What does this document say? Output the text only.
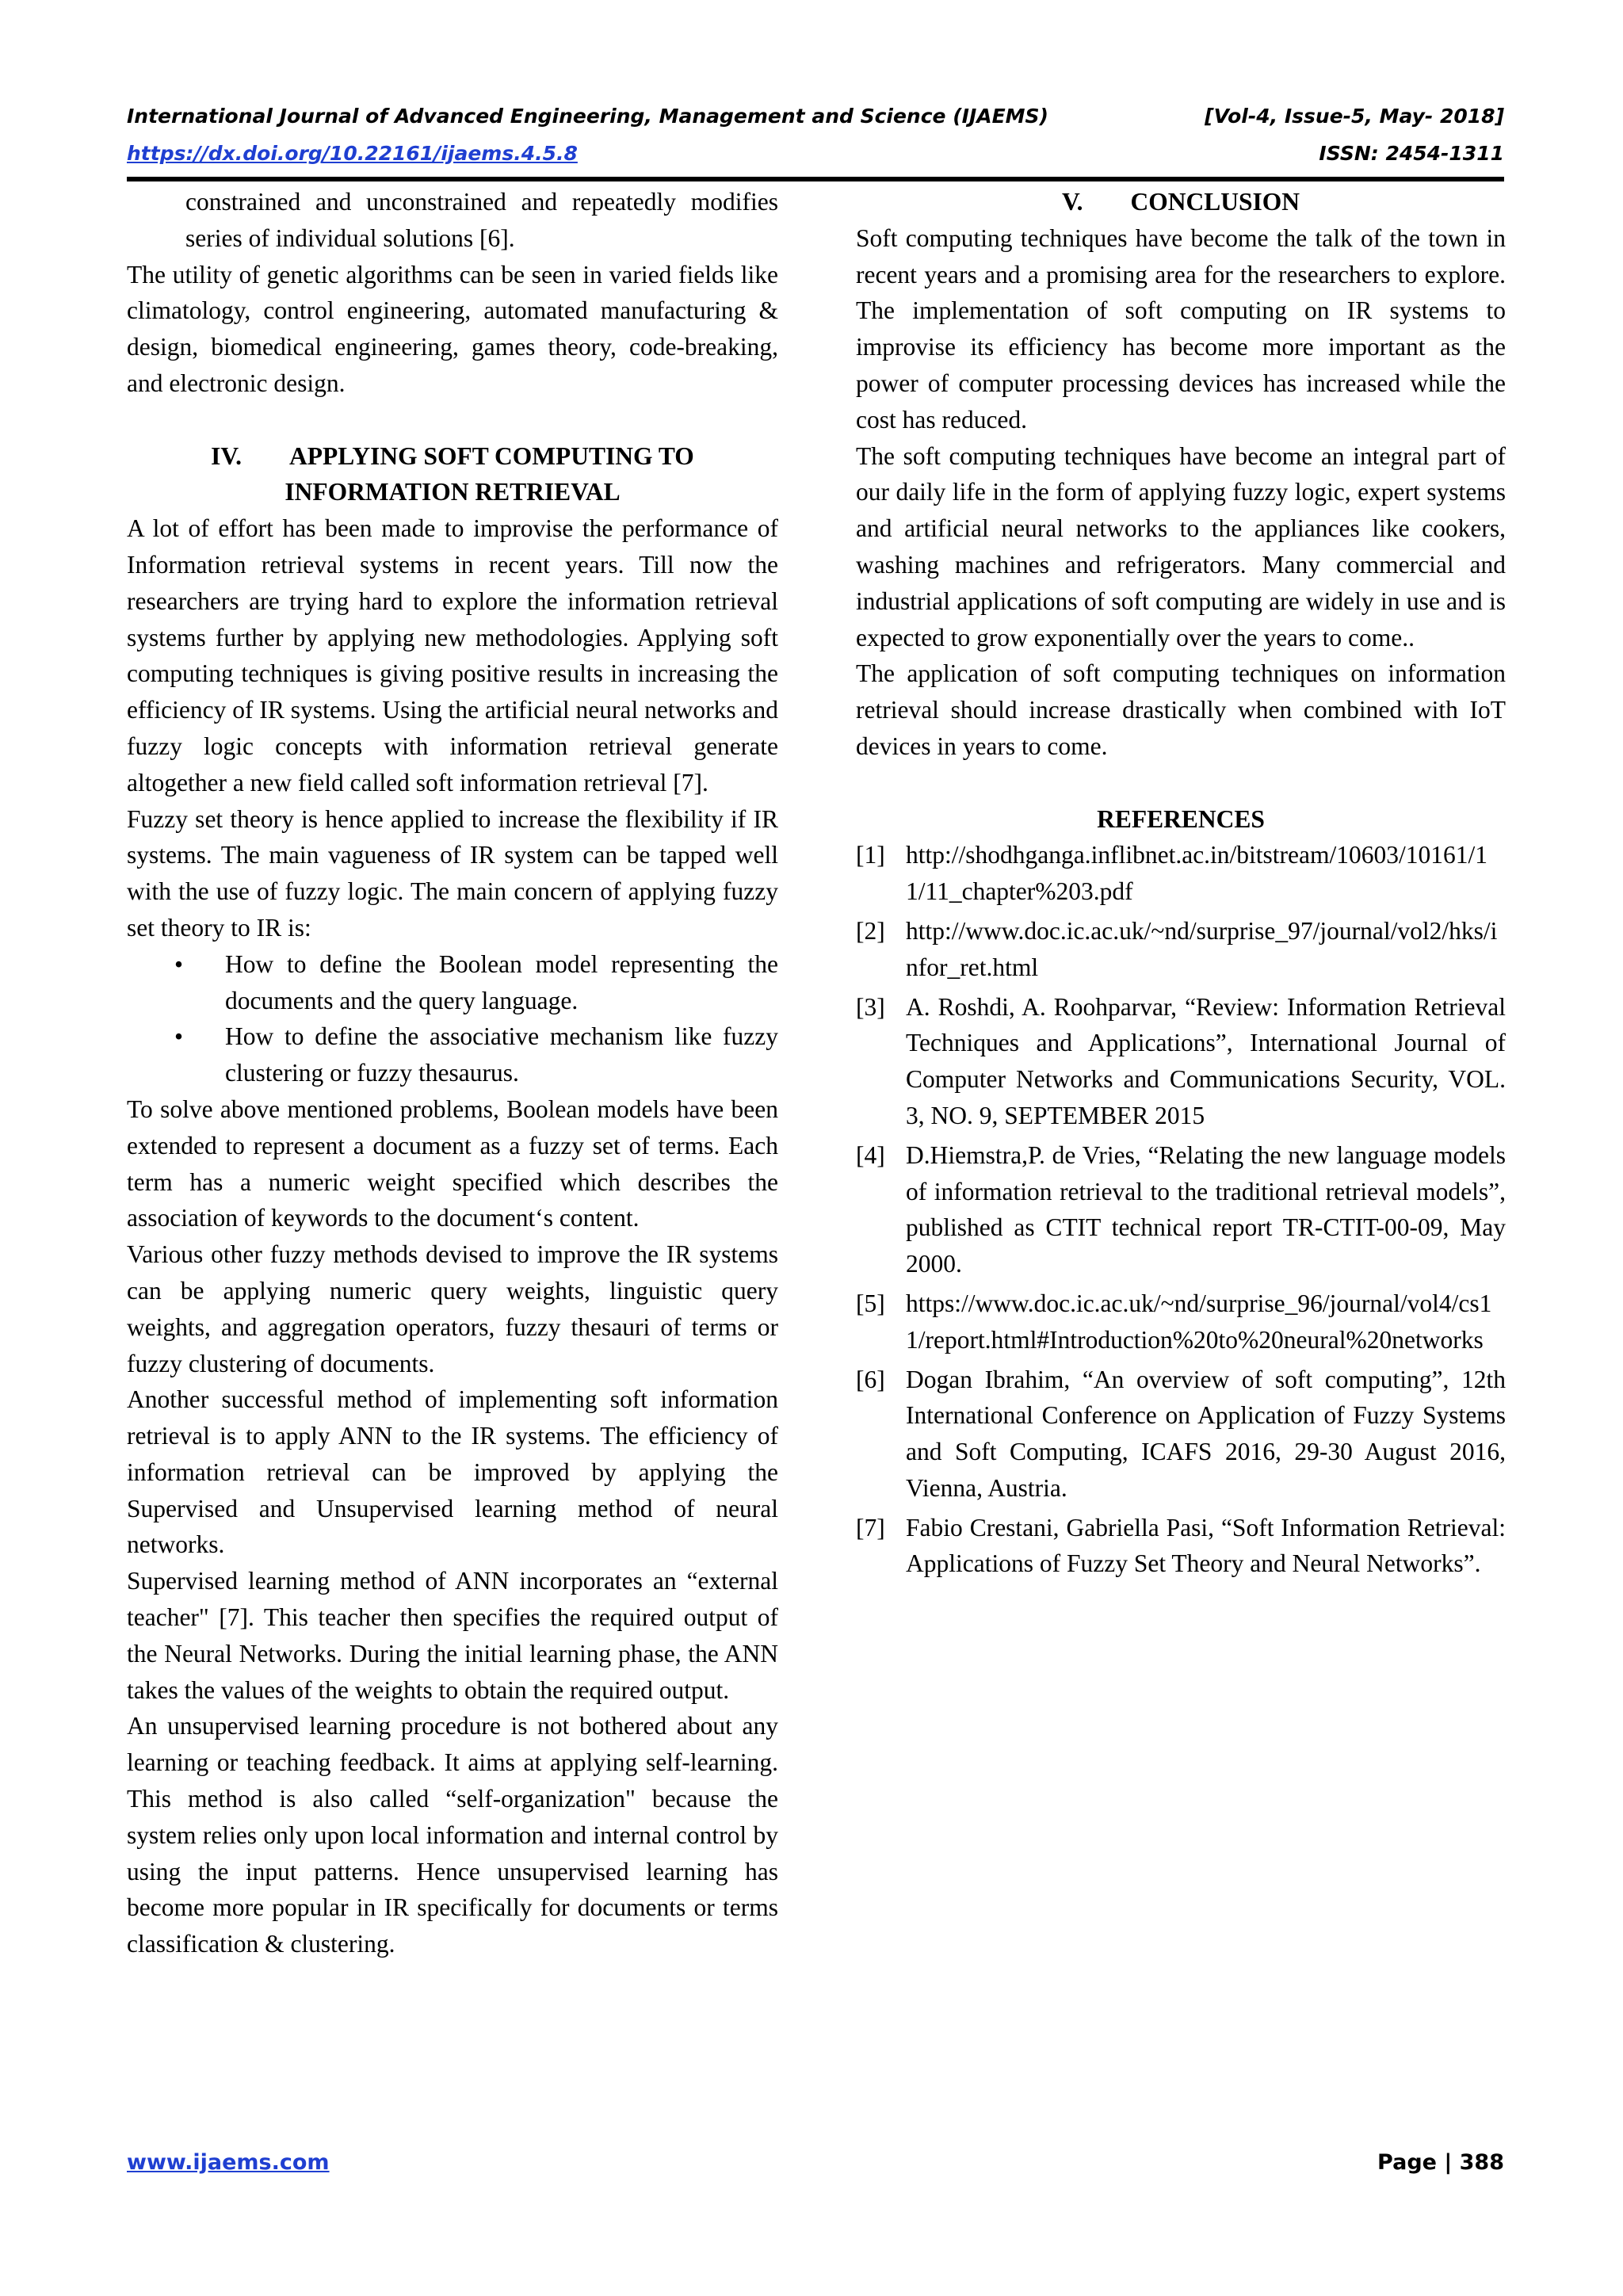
International Journal of Advanced Engineering, Management and Science (IJAEMS)	[Vol-4, Issue-5, May- 2018]
https://dx.doi.org/10.22161/ijaems.4.5.8	ISSN: 2454-1311

constrained and unconstrained and repeatedly modifies series of individual solutions [6].

The utility of genetic algorithms can be seen in varied fields like climatology, control engineering, automated manufacturing & design, biomedical engineering, games theory, code-breaking, and electronic design.

IV. APPLYING SOFT COMPUTING TO
INFORMATION RETRIEVAL

A lot of effort has been made to improvise the performance of Information retrieval systems in recent years. Till now the researchers are trying hard to explore the information retrieval systems further by applying new methodologies. Applying soft computing techniques is giving positive results in increasing the efficiency of IR systems. Using the artificial neural networks and fuzzy logic concepts with information retrieval generate altogether a new field called soft information retrieval [7].

Fuzzy set theory is hence applied to increase the flexibility if IR systems. The main vagueness of IR system can be tapped well with the use of fuzzy logic. The main concern of applying fuzzy set theory to IR is:

• How to define the Boolean model representing the documents and the query language.
• How to define the associative mechanism like fuzzy clustering or fuzzy thesaurus.

To solve above mentioned problems, Boolean models have been extended to represent a document as a fuzzy set of terms. Each term has a numeric weight specified which describes the association of keywords to the document‘s content.

Various other fuzzy methods devised to improve the IR systems can be applying numeric query weights, linguistic query weights, and aggregation operators, fuzzy thesauri of terms or fuzzy clustering of documents.

Another successful method of implementing soft information retrieval is to apply ANN to the IR systems. The efficiency of information retrieval can be improved by applying the Supervised and Unsupervised learning method of neural networks.

Supervised learning method of ANN incorporates an “external teacher" [7]. This teacher then specifies the required output of the Neural Networks. During the initial learning phase, the ANN takes the values of the weights to obtain the required output.

An unsupervised learning procedure is not bothered about any learning or teaching feedback. It aims at applying self-learning. This method is also called “self-organization" because the system relies only upon local information and internal control by using the input patterns. Hence unsupervised learning has become more popular in IR specifically for documents or terms classification & clustering.

V. CONCLUSION

Soft computing techniques have become the talk of the town in recent years and a promising area for the researchers to explore. The implementation of soft computing on IR systems to improvise its efficiency has become more important as the power of computer processing devices has increased while the cost has reduced.

The soft computing techniques have become an integral part of our daily life in the form of applying fuzzy logic, expert systems and artificial neural networks to the appliances like cookers, washing machines and refrigerators. Many commercial and industrial applications of soft computing are widely in use and is expected to grow exponentially over the years to come..

The application of soft computing techniques on information retrieval should increase drastically when combined with IoT devices in years to come.

REFERENCES
[1] http://shodhganga.inflibnet.ac.in/bitstream/10603/10161/11/11_chapter%203.pdf
[2] http://www.doc.ic.ac.uk/~nd/surprise_97/journal/vol2/hks/infor_ret.html
[3] A. Roshdi, A. Roohparvar, “Review: Information Retrieval Techniques and Applications”, International Journal of Computer Networks and Communications Security, VOL. 3, NO. 9, SEPTEMBER 2015
[4] D.Hiemstra,P. de Vries, “Relating the new language models of information retrieval to the traditional retrieval models”, published as CTIT technical report TR-CTIT-00-09, May 2000.
[5] https://www.doc.ic.ac.uk/~nd/surprise_96/journal/vol4/cs11/report.html#Introduction%20to%20neural%20networks
[6] Dogan Ibrahim, “An overview of soft computing”, 12th International Conference on Application of Fuzzy Systems and Soft Computing, ICAFS 2016, 29-30 August 2016, Vienna, Austria.
[7] Fabio Crestani, Gabriella Pasi, “Soft Information Retrieval: Applications of Fuzzy Set Theory and Neural Networks”.
www.ijaems.com	Page | 388
